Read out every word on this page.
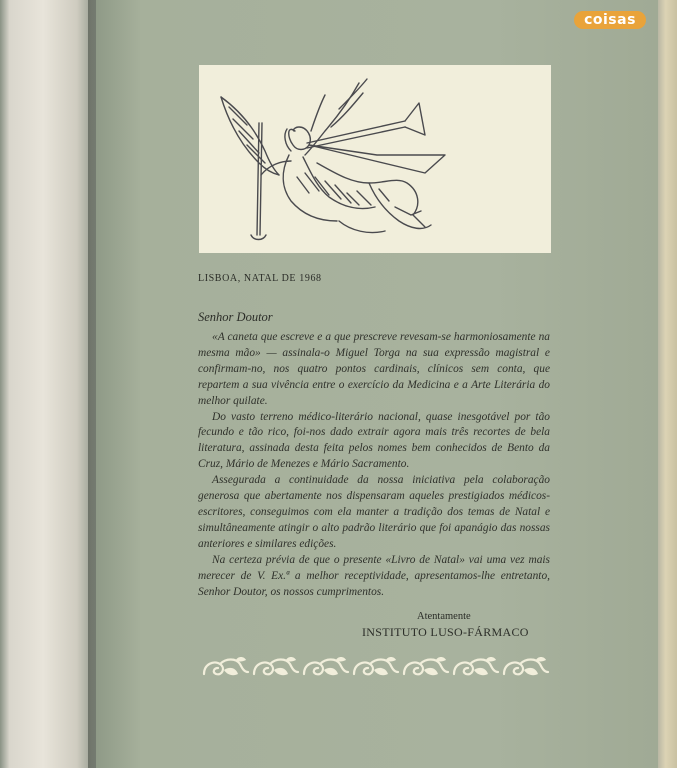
coisas
LISBOA, NATAL DE 1968
Senhor Doutor

«A caneta que escreve e a que prescreve revesam-se harmoniosamente na mesma mão» — assinala-o Miguel Torga na sua expressão magistral e confirmam-no, nos quatro pontos cardinais, clínicos sem conta, que repartem a sua vivência entre o exercício da Medicina e a Arte Literária do melhor quilate.

Do vasto terreno médico-literário nacional, quase inesgotável por tão fecundo e tão rico, foi-nos dado extrair agora mais três recortes de bela literatura, assinada desta feita pelos nomes bem conhecidos de Bento da Cruz, Mário de Menezes e Mário Sacramento.

Assegurada a continuidade da nossa iniciativa pela colaboração generosa que abertamente nos dispensaram aqueles prestigiados médicos-escritores, conseguimos com ela manter a tradição dos temas de Natal e simultâneamente atingir o alto padrão literário que foi apanágio das nossas anteriores e similares edições.

Na certeza prévia de que o presente «Livro de Natal» vai uma vez mais merecer de V. Ex.ª a melhor receptividade, apresentamos-lhe entretanto, Senhor Doutor, os nossos cumprimentos.

Atentamente
INSTITUTO LUSO-FÁRMACO
